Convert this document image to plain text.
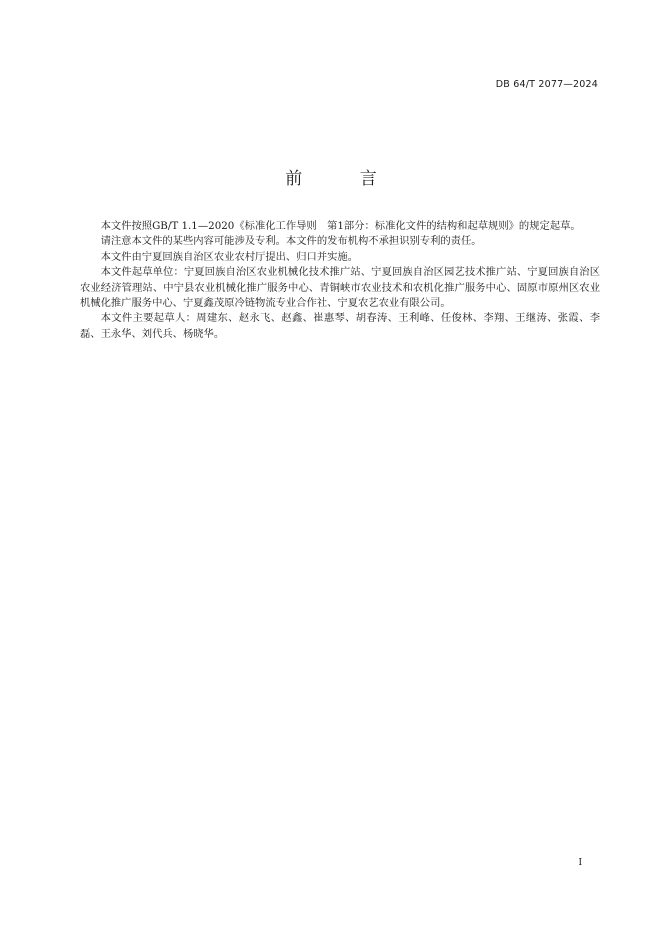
DB 64/T 2077—2024
前 言

本文件按照GB/T 1.1—2020《标准化工作导则　第1部分：标准化文件的结构和起草规则》的规定起草。

请注意本文件的某些内容可能涉及专利。本文件的发布机构不承担识别专利的责任。

本文件由宁夏回族自治区农业农村厅提出、归口并实施。

本文件起草单位：宁夏回族自治区农业机械化技术推广站、宁夏回族自治区园艺技术推广站、宁夏回族自治区农业经济管理站、中宁县农业机械化推广服务中心、青铜峡市农业技术和农机化推广服务中心、固原市原州区农业机械化推广服务中心、宁夏鑫茂原冷链物流专业合作社、宁夏农艺农业有限公司。

本文件主要起草人：周建东、赵永飞、赵鑫、崔惠琴、胡春涛、王利峰、任俊林、李翔、王继涛、张霞、李磊、王永华、刘代兵、杨晓华。

I
